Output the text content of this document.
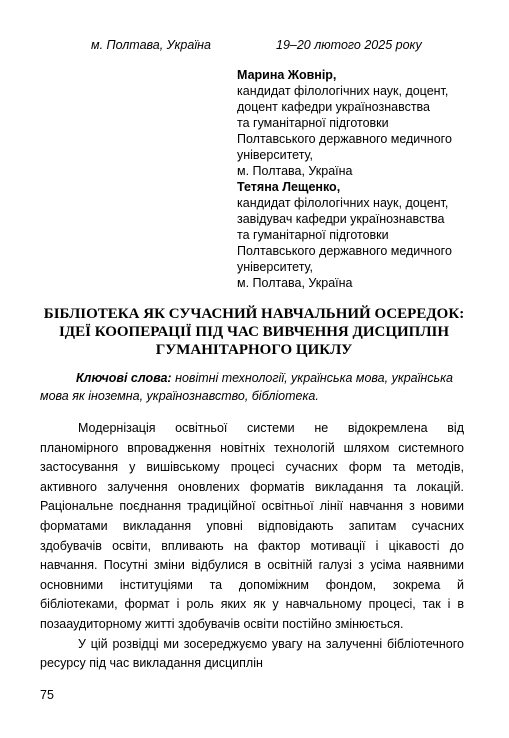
м. Полтава, Україна	19–20 лютого 2025 року
Марина Жовнір,
кандидат філологічних наук, доцент,
доцент кафедри українознавства
та гуманітарної підготовки
Полтавського державного медичного
університету,
м. Полтава, Україна
Тетяна Лещенко,
кандидат філологічних наук, доцент,
завідувач кафедри українознавства
та гуманітарної підготовки
Полтавського державного медичного
університету,
м. Полтава, Україна
БІБЛІОТЕКА ЯК СУЧАСНИЙ НАВЧАЛЬНИЙ ОСЕРЕДОК:
ІДЕЇ КООПЕРАЦІЇ ПІД ЧАС ВИВЧЕННЯ ДИСЦИПЛІН
ГУМАНІТАРНОГО ЦИКЛУ
Ключові слова: новітні технології, українська мова, українська мова як іноземна, українознавство, бібліотека.

Модернізація освітньої системи не відокремлена від планомірного впровадження новітніх технологій шляхом системного застосування у вишівському процесі сучасних форм та методів, активного залучення оновлених форматів викладання та локацій. Раціональне поєднання традиційної освітньої лінії навчання з новими форматами викладання уповні відповідають запитам сучасних здобувачів освіти, впливають на фактор мотивації і цікавості до навчання. Посутні зміни відбулися в освітній галузі з усіма наявними основними інституціями та допоміжним фондом, зокрема й бібліотеками, формат і роль яких як у навчальному процесі, так і в позааудиторному житті здобувачів освіти постійно змінюється.

У цій розвідці ми зосереджуємо увагу на залученні бібліотечного ресурсу під час викладання дисциплін

75
